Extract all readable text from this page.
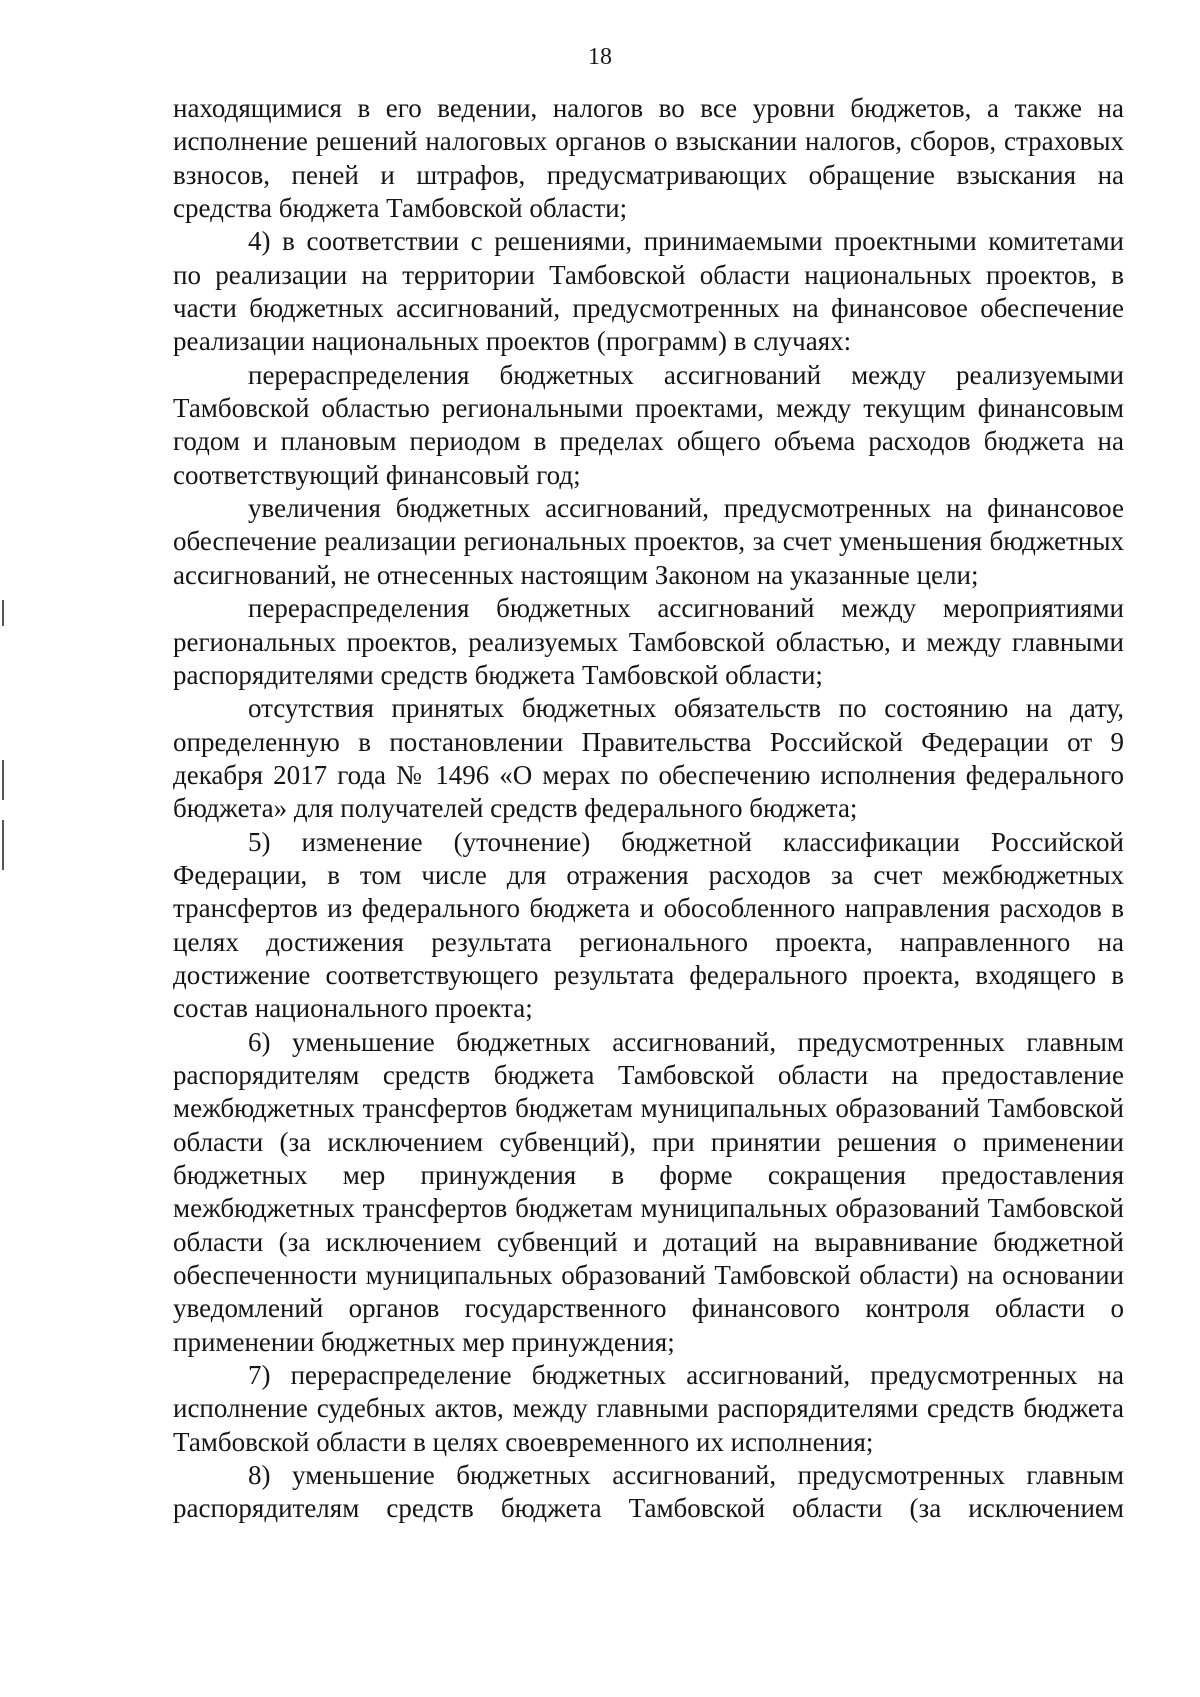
18

находящимися в его ведении, налогов во все уровни бюджетов, а также на исполнение решений налоговых органов о взыскании налогов, сборов, страховых взносов, пеней и штрафов, предусматривающих обращение взыскания на средства бюджета Тамбовской области;

4) в соответствии с решениями, принимаемыми проектными комитетами по реализации на территории Тамбовской области национальных проектов, в части бюджетных ассигнований, предусмотренных на финансовое обеспечение реализации национальных проектов (программ) в случаях:

перераспределения бюджетных ассигнований между реализуемыми Тамбовской областью региональными проектами, между текущим финансовым годом и плановым периодом в пределах общего объема расходов бюджета на соответствующий финансовый год;

увеличения бюджетных ассигнований, предусмотренных на финансовое обеспечение реализации региональных проектов, за счет уменьшения бюджетных ассигнований, не отнесенных настоящим Законом на указанные цели;

перераспределения бюджетных ассигнований между мероприятиями региональных проектов, реализуемых Тамбовской областью, и между главными распорядителями средств бюджета Тамбовской области;

отсутствия принятых бюджетных обязательств по состоянию на дату, определенную в постановлении Правительства Российской Федерации от 9 декабря 2017 года № 1496 «О мерах по обеспечению исполнения федерального бюджета» для получателей средств федерального бюджета;

5) изменение (уточнение) бюджетной классификации Российской Федерации, в том числе для отражения расходов за счет межбюджетных трансфертов из федерального бюджета и обособленного направления расходов в целях достижения результата регионального проекта, направленного на достижение соответствующего результата федерального проекта, входящего в состав национального проекта;

6) уменьшение бюджетных ассигнований, предусмотренных главным распорядителям средств бюджета Тамбовской области на предоставление межбюджетных трансфертов бюджетам муниципальных образований Тамбовской области (за исключением субвенций), при принятии решения о применении бюджетных мер принуждения в форме сокращения предоставления межбюджетных трансфертов бюджетам муниципальных образований Тамбовской области (за исключением субвенций и дотаций на выравнивание бюджетной обеспеченности муниципальных образований Тамбовской области) на основании уведомлений органов государственного финансового контроля области о применении бюджетных мер принуждения;

7) перераспределение бюджетных ассигнований, предусмотренных на исполнение судебных актов, между главными распорядителями средств бюджета Тамбовской области в целях своевременного их исполнения;

8) уменьшение бюджетных ассигнований, предусмотренных главным распорядителям средств бюджета Тамбовской области (за исключением
